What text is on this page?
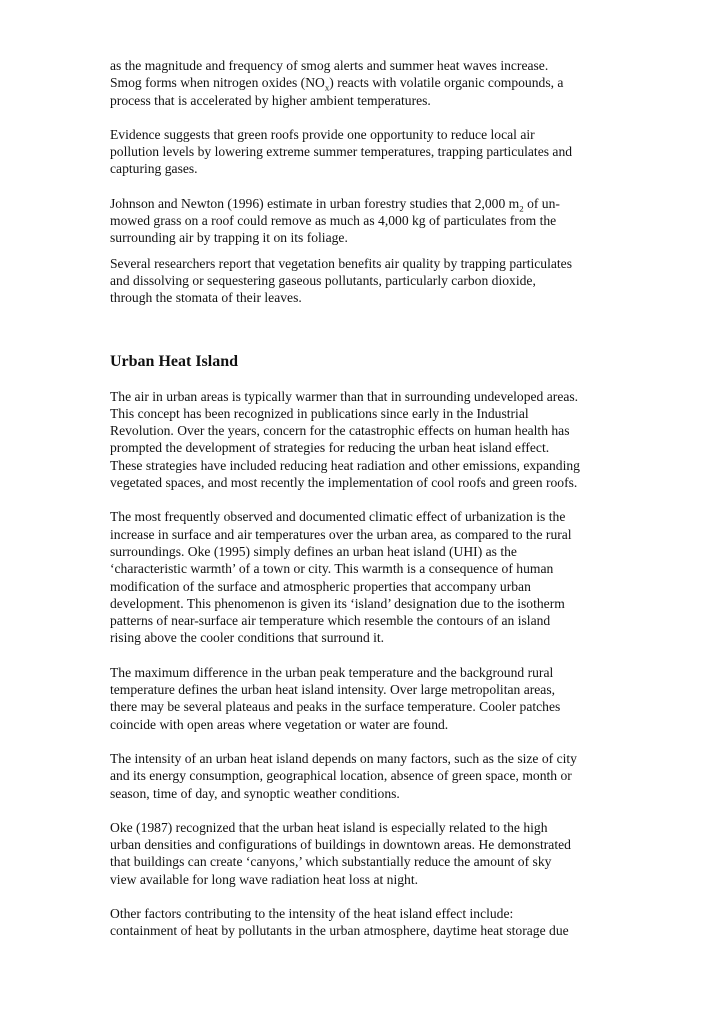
as the magnitude and frequency of smog alerts and summer heat waves increase.
Smog forms when nitrogen oxides $(NO_x)$ reacts with volatile organic compounds, a
process that is accelerated by higher ambient temperatures.

Evidence suggests that green roofs provide one opportunity to reduce local air
pollution levels by lowering extreme summer temperatures, trapping particulates and
capturing gases.

Johnson and Newton (1996) estimate in urban forestry studies that 2,000 $m_2$ of un-
mowed grass on a roof could remove as much as 4,000 kg of particulates from the
surrounding air by trapping it on its foliage.

Several researchers report that vegetation benefits air quality by trapping particulates
and dissolving or sequestering gaseous pollutants, particularly carbon dioxide,
through the stomata of their leaves.

Urban Heat Island

The air in urban areas is typically warmer than that in surrounding undeveloped areas.
This concept has been recognized in publications since early in the Industrial
Revolution. Over the years, concern for the catastrophic effects on human health has
prompted the development of strategies for reducing the urban heat island effect.
These strategies have included reducing heat radiation and other emissions, expanding
vegetated spaces, and most recently the implementation of cool roofs and green roofs.

The most frequently observed and documented climatic effect of urbanization is the
increase in surface and air temperatures over the urban area, as compared to the rural
surroundings. Oke (1995) simply defines an urban heat island (UHI) as the
‘characteristic warmth’ of a town or city. This warmth is a consequence of human
modification of the surface and atmospheric properties that accompany urban
development. This phenomenon is given its ‘island’ designation due to the isotherm
patterns of near-surface air temperature which resemble the contours of an island
rising above the cooler conditions that surround it.

The maximum difference in the urban peak temperature and the background rural
temperature defines the urban heat island intensity. Over large metropolitan areas,
there may be several plateaus and peaks in the surface temperature. Cooler patches
coincide with open areas where vegetation or water are found.

The intensity of an urban heat island depends on many factors, such as the size of city
and its energy consumption, geographical location, absence of green space, month or
season, time of day, and synoptic weather conditions.

Oke (1987) recognized that the urban heat island is especially related to the high
urban densities and configurations of buildings in downtown areas. He demonstrated
that buildings can create ‘canyons,’ which substantially reduce the amount of sky
view available for long wave radiation heat loss at night.

Other factors contributing to the intensity of the heat island effect include:
containment of heat by pollutants in the urban atmosphere, daytime heat storage due
